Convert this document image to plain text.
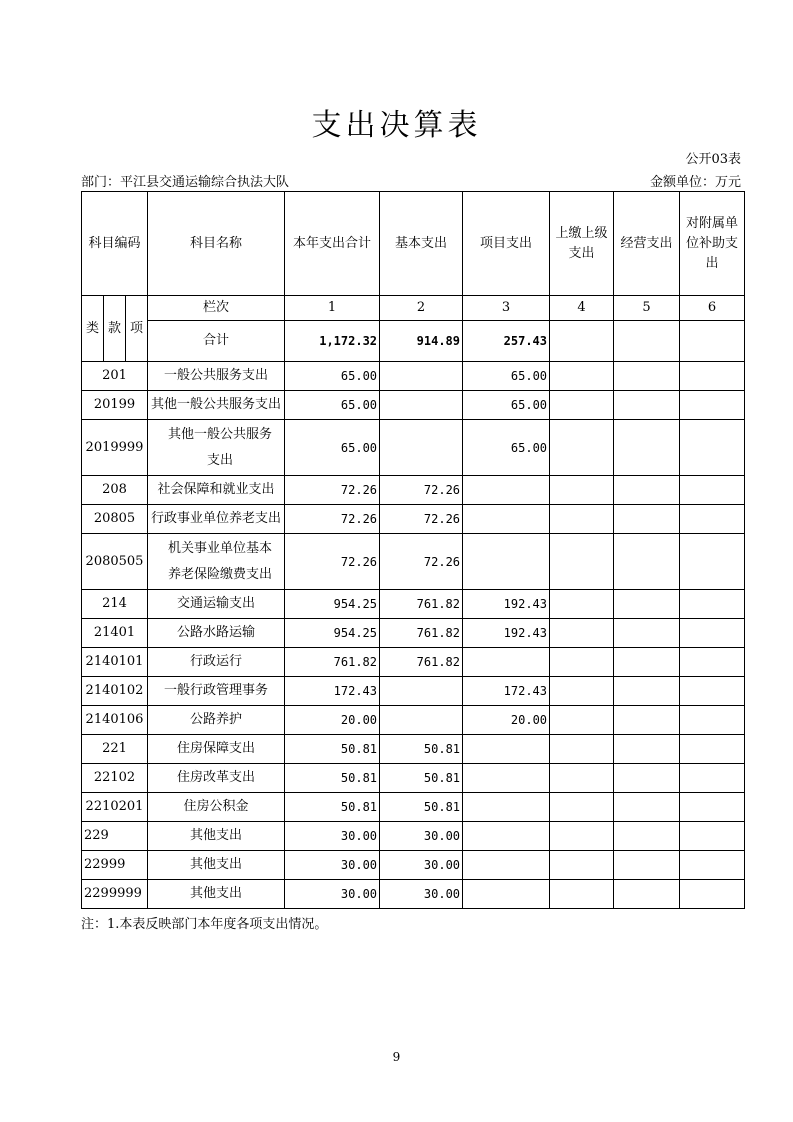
支出决算表
公开03表
部门：平江县交通运输综合执法大队	金额单位：万元
科目编码			科目名称	本年支出合计	基本支出	项目支出	上缴上级支出	经营支出	对附属单位补助支出
类	款	项	栏次	1	2	3	4	5	6
			合计	1,172.32	914.89	257.43			
201			一般公共服务支出	65.00		65.00			
20199			其他一般公共服务支出	65.00		65.00			
2019999			其他一般公共服务支出	65.00		65.00			
208			社会保障和就业支出	72.26	72.26				
20805			行政事业单位养老支出	72.26	72.26				
2080505			机关事业单位基本养老保险缴费支出	72.26	72.26				
214			交通运输支出	954.25	761.82	192.43			
21401			公路水路运输	954.25	761.82	192.43			
2140101			行政运行	761.82	761.82				
2140102			一般行政管理事务	172.43		172.43			
2140106			公路养护	20.00		20.00			
221			住房保障支出	50.81	50.81				
22102			住房改革支出	50.81	50.81				
2210201			住房公积金	50.81	50.81				
229			其他支出	30.00	30.00				
22999			其他支出	30.00	30.00				
2299999			其他支出	30.00	30.00				
注：1.本表反映部门本年度各项支出情况。
9
